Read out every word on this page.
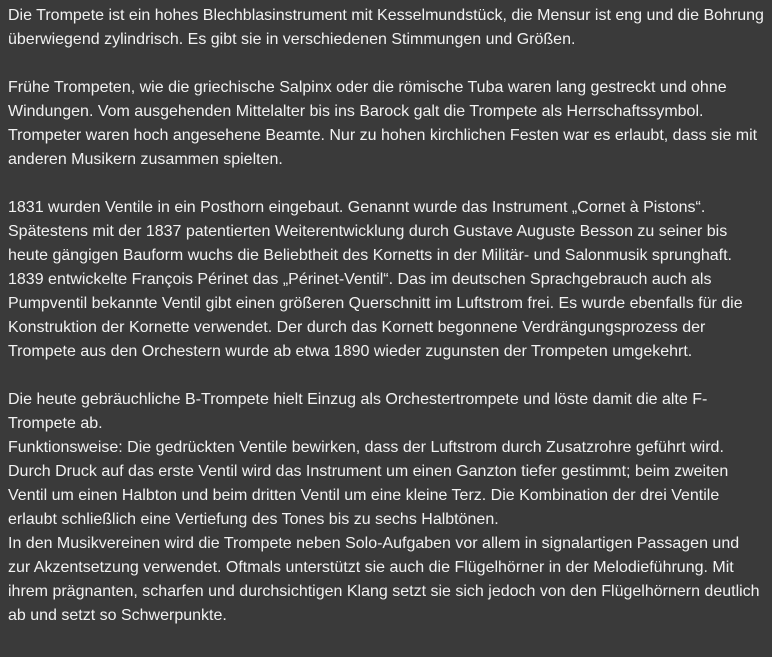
Die Trompete ist ein hohes Blechblasinstrument mit Kesselmundstück, die Mensur ist eng und die Bohrung überwiegend zylindrisch. Es gibt sie in verschiedenen Stimmungen und Größen.

Frühe Trompeten, wie die griechische Salpinx oder die römische Tuba waren lang gestreckt und ohne Windungen. Vom ausgehenden Mittelalter bis ins Barock galt die Trompete als Herrschaftssymbol. Trompeter waren hoch angesehene Beamte. Nur zu hohen kirchlichen Festen war es erlaubt, dass sie mit anderen Musikern zusammen spielten.

1831 wurden Ventile in ein Posthorn eingebaut. Genannt wurde das Instrument „Cornet à Pistons“. Spätestens mit der 1837 patentierten Weiterentwicklung durch Gustave Auguste Besson zu seiner bis heute gängigen Bauform wuchs die Beliebtheit des Kornetts in der Militär- und Salonmusik sprunghaft. 1839 entwickelte François Périnet das „Périnet-Ventil“. Das im deutschen Sprachgebrauch auch als Pumpventil bekannte Ventil gibt einen größeren Querschnitt im Luftstrom frei. Es wurde ebenfalls für die Konstruktion der Kornette verwendet. Der durch das Kornett begonnene Verdrängungsprozess der Trompete aus den Orchestern wurde ab etwa 1890 wieder zugunsten der Trompeten umgekehrt.

Die heute gebräuchliche B-Trompete hielt Einzug als Orchestertrompete und löste damit die alte F-Trompete ab.

Funktionsweise: Die gedrückten Ventile bewirken, dass der Luftstrom durch Zusatzrohre geführt wird. Durch Druck auf das erste Ventil wird das Instrument um einen Ganzton tiefer gestimmt; beim zweiten Ventil um einen Halbton und beim dritten Ventil um eine kleine Terz. Die Kombination der drei Ventile erlaubt schließlich eine Vertiefung des Tones bis zu sechs Halbtönen.

In den Musikvereinen wird die Trompete neben Solo-Aufgaben vor allem in signalartigen Passagen und zur Akzentsetzung verwendet. Oftmals unterstützt sie auch die Flügelhörner in der Melodieführung. Mit ihrem prägnanten, scharfen und durchsichtigen Klang setzt sie sich jedoch von den Flügelhörnern deutlich ab und setzt so Schwerpunkte.
